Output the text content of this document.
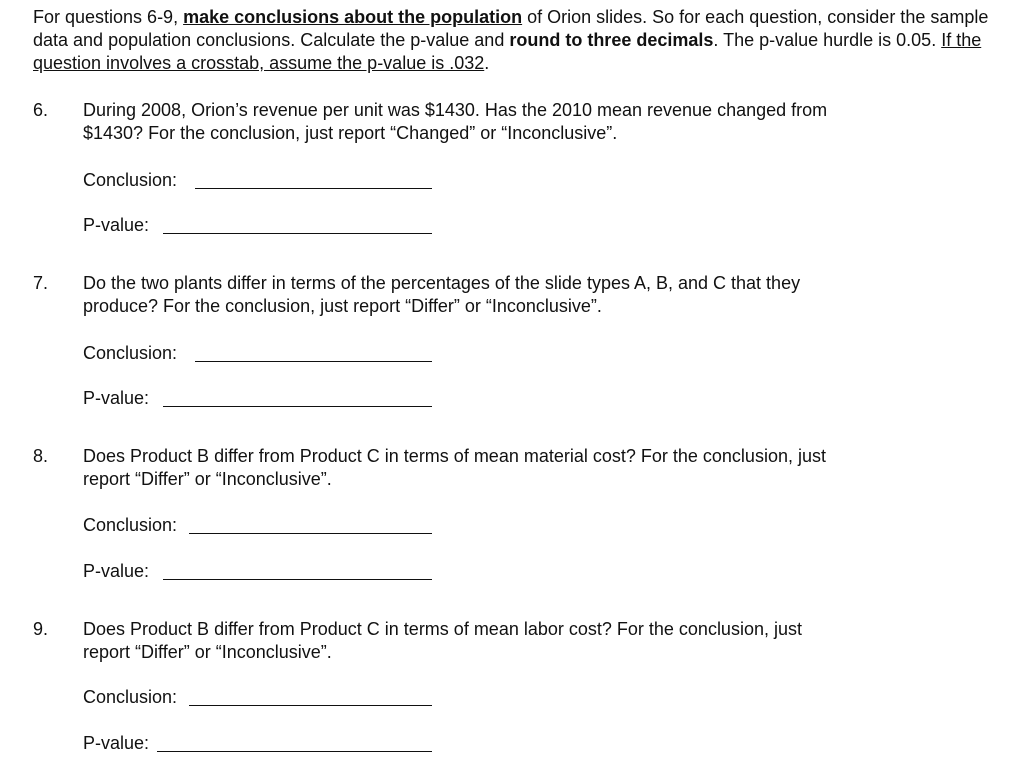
For questions 6-9, make conclusions about the population of Orion slides. So for each question, consider the sample data and population conclusions. Calculate the p-value and round to three decimals. The p-value hurdle is 0.05. If the question involves a crosstab, assume the p-value is .032.
6. During 2008, Orion’s revenue per unit was $1430. Has the 2010 mean revenue changed from
$1430? For the conclusion, just report “Changed” or “Inconclusive”.
Conclusion:
P-value:
7. Do the two plants differ in terms of the percentages of the slide types A, B, and C that they
produce? For the conclusion, just report “Differ” or “Inconclusive”.
Conclusion:
P-value:
8. Does Product B differ from Product C in terms of mean material cost? For the conclusion, just
report “Differ” or “Inconclusive”.
Conclusion:
P-value:
9. Does Product B differ from Product C in terms of mean labor cost? For the conclusion, just
report “Differ” or “Inconclusive”.
Conclusion:
P-value:
